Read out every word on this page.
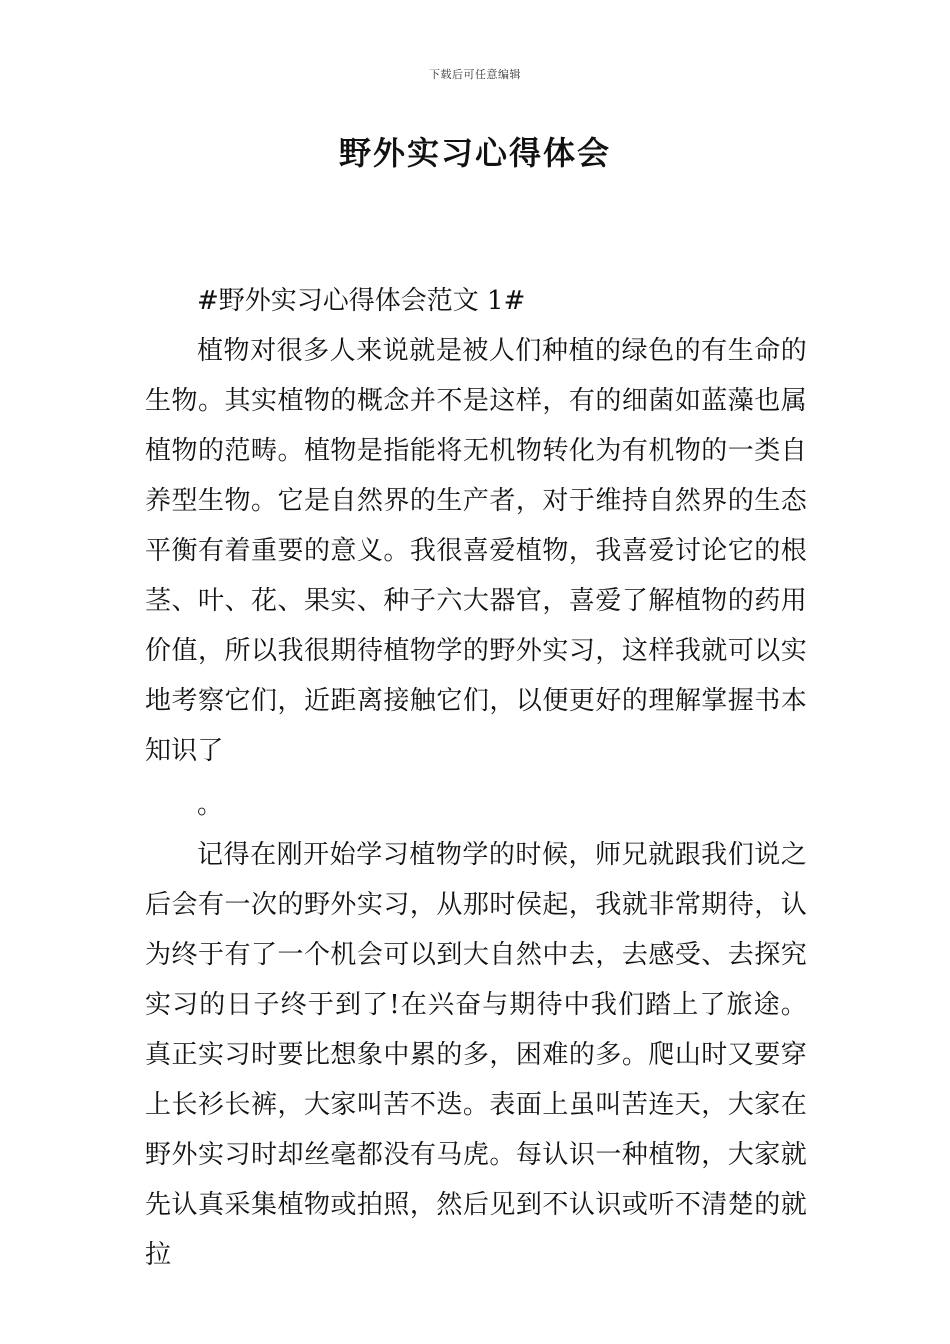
下载后可任意编辑
野外实习心得体会
#野外实习心得体会范文 1#

植物对很多人来说就是被人们种植的绿色的有生命的生物。其实植物的概念并不是这样，有的细菌如蓝藻也属植物的范畴。植物是指能将无机物转化为有机物的一类自养型生物。它是自然界的生产者，对于维持自然界的生态平衡有着重要的意义。我很喜爱植物，我喜爱讨论它的根茎、叶、花、果实、种子六大器官，喜爱了解植物的药用价值，所以我很期待植物学的野外实习，这样我就可以实地考察它们，近距离接触它们，以便更好的理解掌握书本知识了

。

记得在刚开始学习植物学的时候，师兄就跟我们说之后会有一次的野外实习，从那时侯起，我就非常期待，认为终于有了一个机会可以到大自然中去，去感受、去探究实习的日子终于到了!在兴奋与期待中我们踏上了旅途。真正实习时要比想象中累的多，困难的多。爬山时又要穿上长衫长裤，大家叫苦不迭。表面上虽叫苦连天，大家在野外实习时却丝毫都没有马虎。每认识一种植物，大家就先认真采集植物或拍照，然后见到不认识或听不清楚的就拉
